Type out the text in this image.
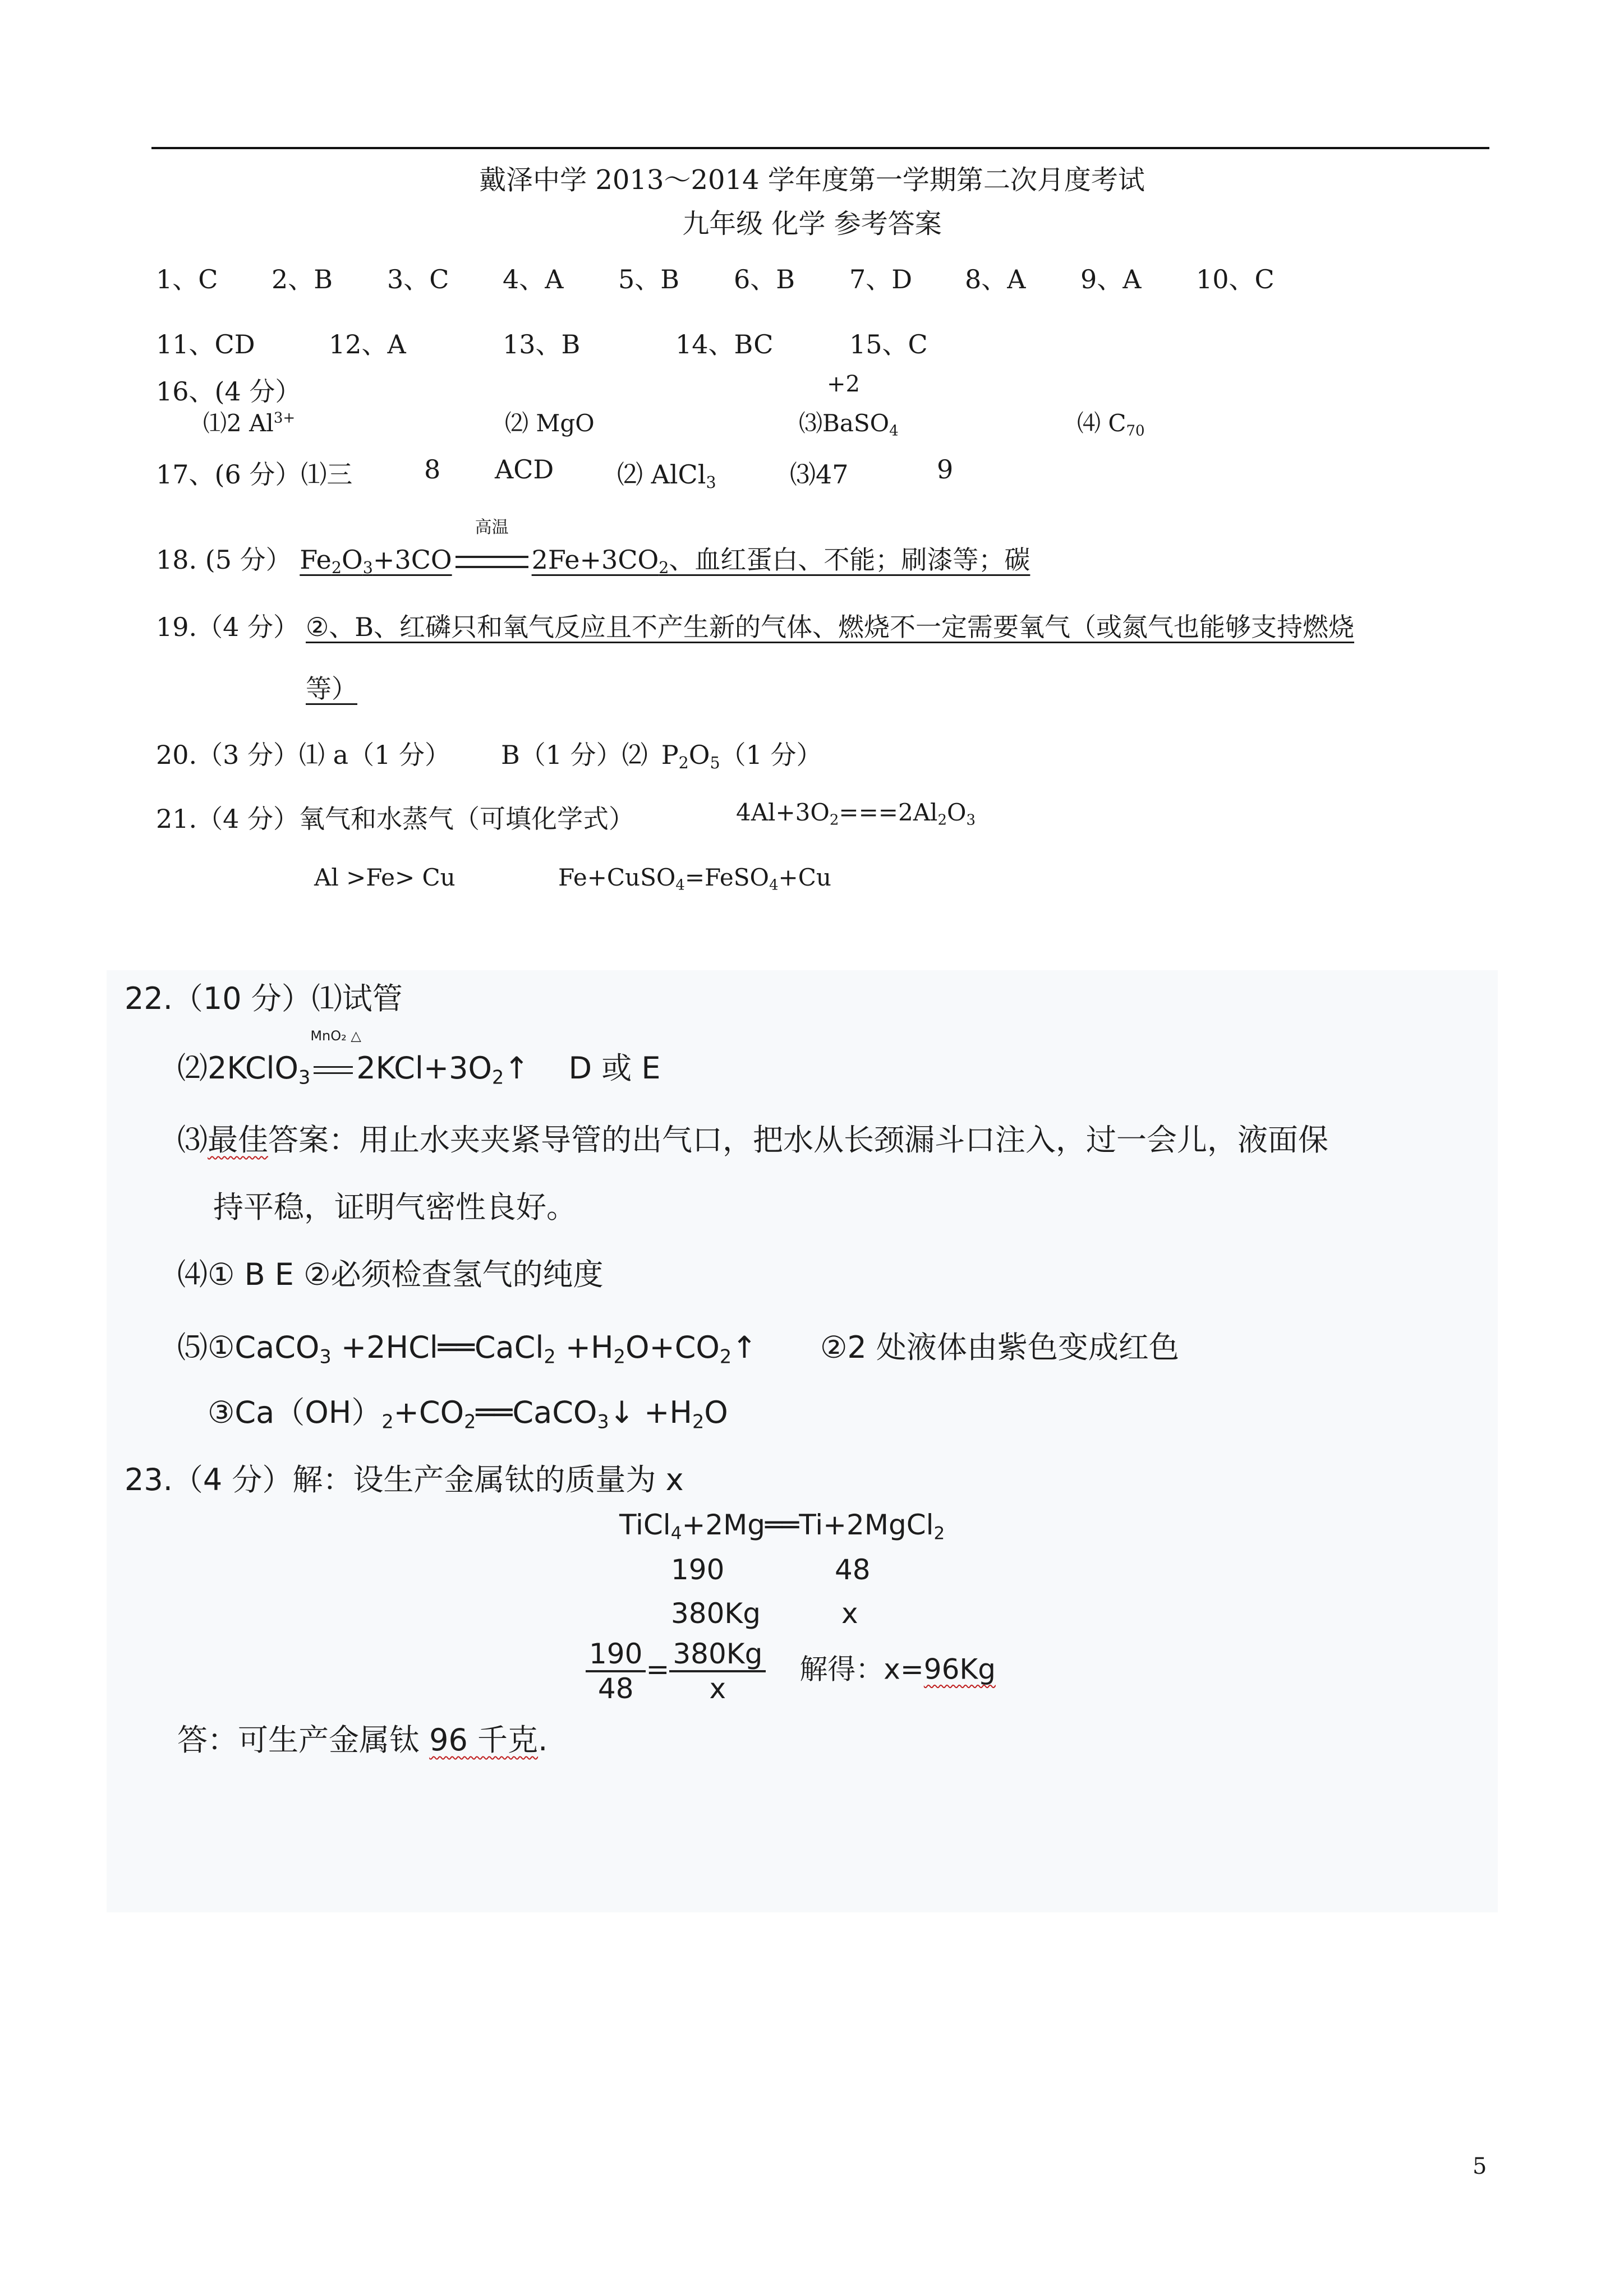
戴泽中学 2013～2014 学年度第一学期第二次月度考试
九年级 化学 参考答案
1、C 2、B 3、C 4、A 5、B 6、B 7、D 8、A 9、A 10、C
11、CD	12、A	13、B	14、BC	15、C
16、(4 分）	+2
⑴2 $Al^{3+}$	⑵ MgO	⑶BaSO$_4$	⑷ $C_{70}$
17、(6 分）⑴三	8 ACD ⑵ AlCl$_3$	⑶47	9
18. (5 分） $Fe_2O_3+3CO$
高温
$2Fe+3CO_2$、血红蛋白、不能；刷漆等；碳
19.（4 分） ②、B、红磷只和氧气反应且不产生新的气体、燃烧不一定需要氧气（或氮气也能够支持燃烧
等）
20.（3 分）⑴ a（1 分） B（1 分）⑵ $P_2O_5(1$ 分）
21.（4 分）氧气和水蒸气（可填化学式）	$4Al+3O_2===2Al_2O_3$
Al >Fe> Cu	Fe+CuSO$_4$=FeSO$_4$+Cu
22.（10 分）⑴试管
⑵2KClO$_3$
MnO₂ △
$2KCl+3O_2↑$ D 或 E
⑶最佳答案：用止水夹夹紧导管的出气口，把水从长颈漏斗口注入，过一会儿，液面保
持平稳，证明气密性良好。
⑷① B E ②必须检查氢气的纯度
⑸①CaCO$_3$ +2HCl══CaCl$_2$ $+H_2O+CO_2↑$ ②2 处液体由紫色变成红色
$③Ca(OH)_2+CO_2══CaCO_3↓ +H_2O$
23.（4 分）解：设生产金属钛的质量为 x
TiCl$_4$+2Mg══Ti+2MgCl$_2$
190	48
380Kg	x
$\frac{190}{48} = \frac{380Kg}{x}$ 解得：x=96Kg
答：可生产金属钛 96 千克.
5
